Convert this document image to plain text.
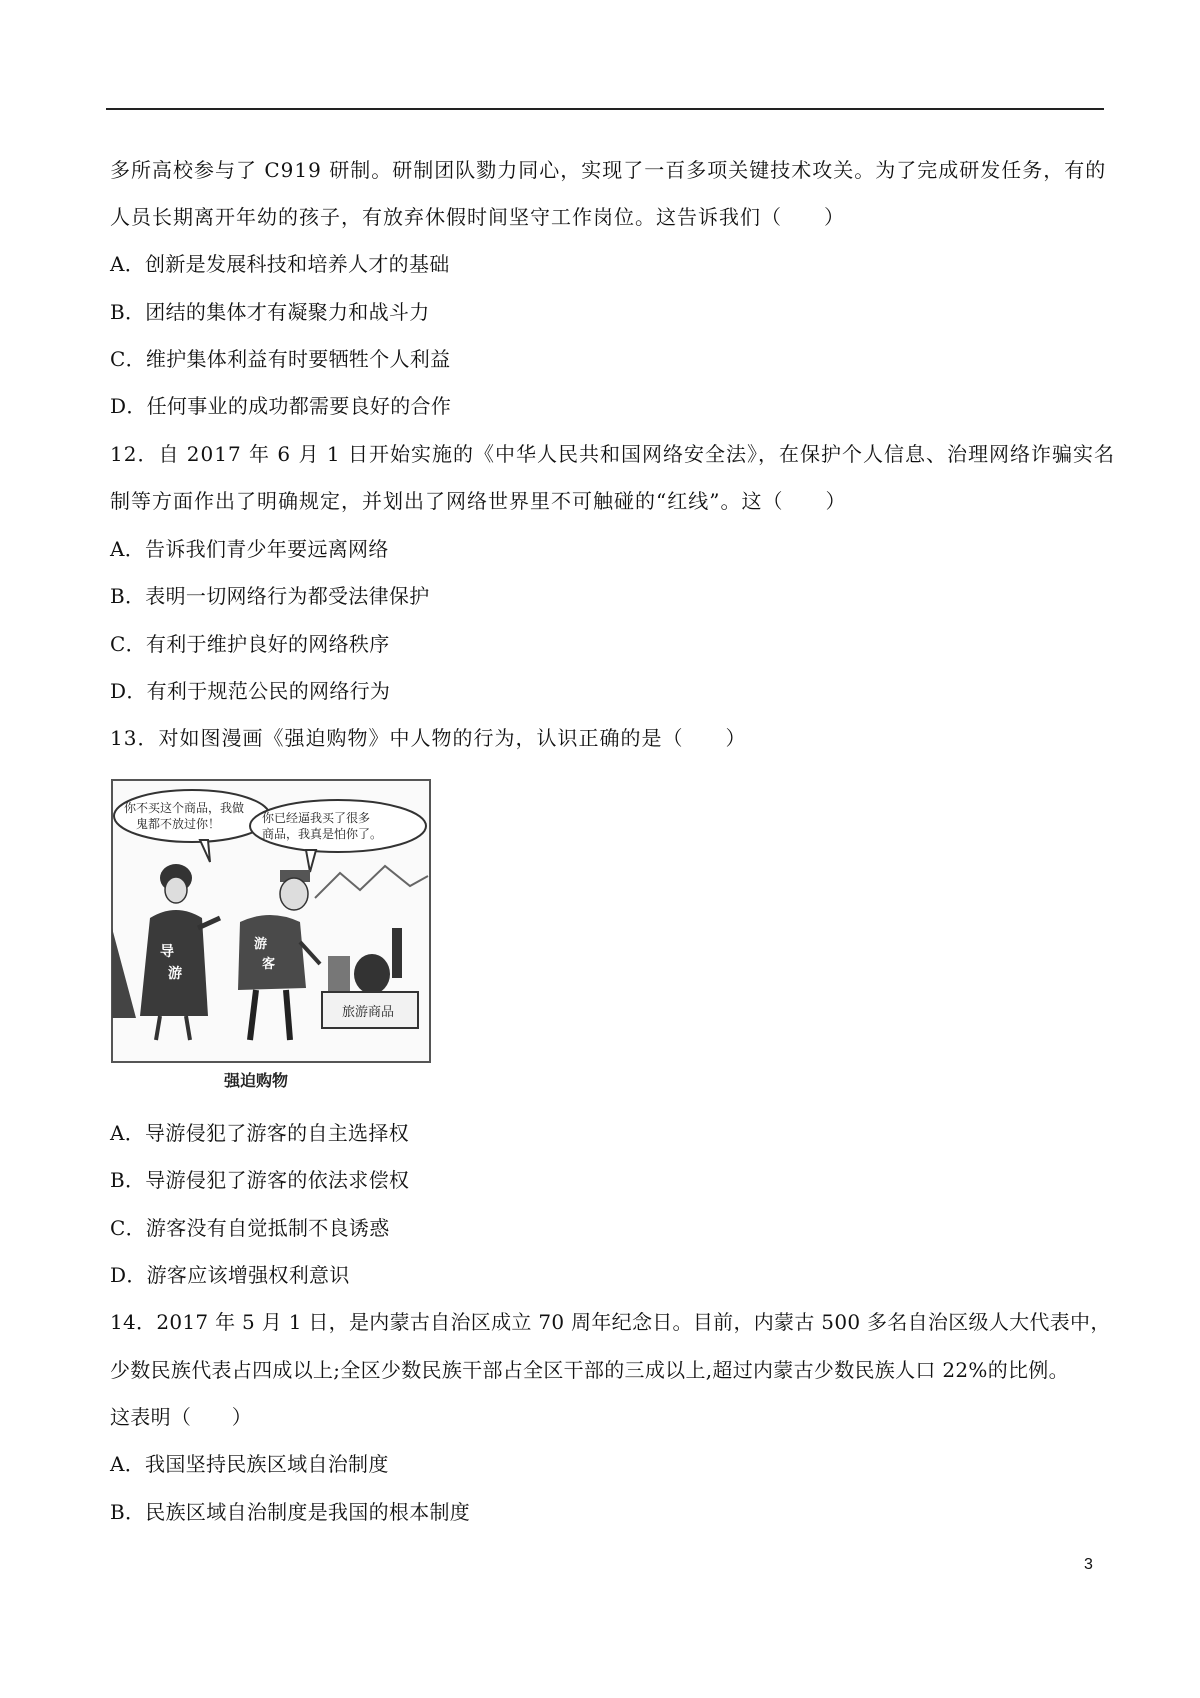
多所高校参与了 C919 研制。研制团队勠力同心，实现了一百多项关键技术攻关。为了完成研发任务，有的
人员长期离开年幼的孩子，有放弃休假时间坚守工作岗位。这告诉我们（　　）
A．创新是发展科技和培养人才的基础
B．团结的集体才有凝聚力和战斗力
C．维护集体利益有时要牺牲个人利益
D．任何事业的成功都需要良好的合作
12．自 2017 年 6 月 1 日开始实施的《中华人民共和国网络安全法》，在保护个人信息、治理网络诈骗实名
制等方面作出了明确规定，并划出了网络世界里不可触碰的“红线”。这（　　）
A．告诉我们青少年要远离网络
B．表明一切网络行为都受法律保护
C．有利于维护良好的网络秩序
D．有利于规范公民的网络行为
13．对如图漫画《强迫购物》中人物的行为，认识正确的是（　　）
你不买这个商品，我做
鬼都不放过你！	你已经逼我买了很多
商品，我真是怕你了。
导
游
游
客
旅游商品
强迫购物
A．导游侵犯了游客的自主选择权
B．导游侵犯了游客的依法求偿权
C．游客没有自觉抵制不良诱惑
D．游客应该增强权利意识
14．2017 年 5 月 1 日，是内蒙古自治区成立 70 周年纪念日。目前，内蒙古 500 多名自治区级人大代表中，
少数民族代表占四成以上;全区少数民族干部占全区干部的三成以上,超过内蒙古少数民族人口 22%的比例。
这表明（　　）
A．我国坚持民族区域自治制度
B．民族区域自治制度是我国的根本制度
3
